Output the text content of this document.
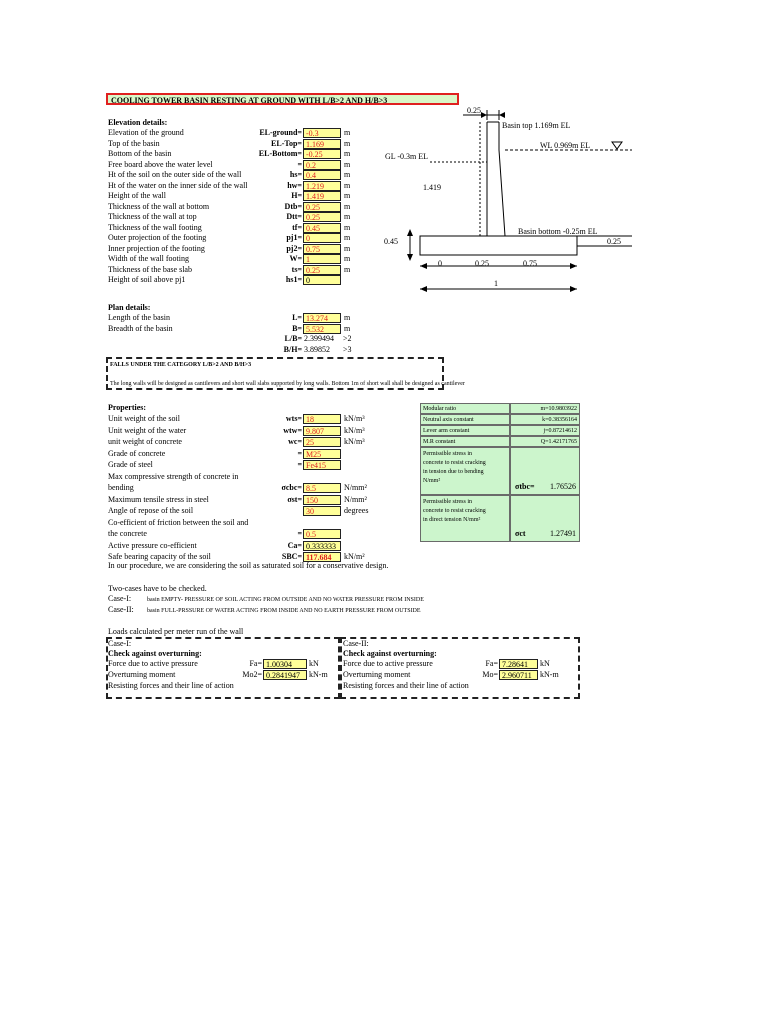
COOLING TOWER BASIN RESTING AT GROUND WITH L/B>2 AND H/B>3
Elevation details:
Elevation of the ground	EL-ground= -0.3	m
Top of the basin	EL-Top= 1.169	m
Bottom of the basin	EL-Bottom= -0.25	m
Free board above the water level	= 0.2	m
Ht of the soil on the outer side of the wall	hs= 0.4	m
Ht of the water on the inner side of the wall	hw= 1.219	m
Height of the wall	H= 1.419	m
Thickness of the wall at bottom	Dtb= 0.25	m
Thickness of the wall at top	Dtt= 0.25	m
Thickness of the wall footing	tf= 0.45	m
Outer projection of the footing	pj1= 0	m
Inner projection of the footing	pj2= 0.75	m
Width of the wall footing	W= 1	m
Thickness of the base slab	ts= 0.25	m
Height of soil above pj1	hs1= 0
Plan details:
Length of the basin	L= 13.274	m
Breadth of the basin	B= 5.532	m
L/B= 2.399494 >2
B/H= 3.89852 >3
FALLS UNDER THE CATEGORY L/B>2 AND B/H>3
The long walls will be designed as cantilevers and short wall slabs supported by long walls. Bottom 1m of short wall shall be designed as cantilever
Properties:
Unit weight of the soil	wts= 18	kN/m³
Unit weight of the water	wtw= 9.807	kN/m³
unit weight of concrete	wc= 25	kN/m³
Grade of concrete	= M25
Grade of steel	= Fe415
Max compressive strength of concrete in
bending	σcbc= 8.5	N/mm²
Maximum tensile stress in steel	σst= 150	N/mm²
Angle of repose of the soil	30	degrees
Co-efficient of friction between the soil and
the concrete	= 0.5
Active pressure co-efficient	Ca= 0.333333
Safe bearing capacity of the soil	SBC= 117.684	kN/m²
In our procedure, we are considering the soil as saturated soil for a conservative design.
Modular ratio	m=10.9803922
Neutral axis constant	k=0.38356164
Lever arm constant	j=0.87214612
M.R constant	Q=1.42171765
Permissible stress in
concrete to resist cracking
in tension due to bending
N/mm²
σtbc= 1.76526
Permissible stress in
concrete to resist cracking
in direct tension N/mm²
σct	1.27491
Two-cases have to be checked.
Case-I:	basin EMPTY- PRESSURE OF SOIL ACTING FROM OUTSIDE AND NO WATER PRESSURE FROM INSIDE
Case-II: basin FULL-PRSSURE OF WATER ACTING FROM INSIDE AND NO EARTH PRESSURE FROM OUTSIDE
Loads calculated per meter run of the wall
Case-I:
Check against overturning:
Force due to active pressure	Fa= 1.00304	kN
Overturning moment	Mo2= 0.2841947	kN-m
Resisting forces and their line of action
Case-II:
Check against overturning:
Force due to active pressure	Fa= 7.28641	kN
Overturning moment	Mo= 2.960711	kN-m
Resisting forces and their line of action
0.25
Basin top 1.169m EL
WL 0.969m EL
GL -0.3m EL
1.419
Basin bottom -0.25m EL
0.25
0.45
0	0.25	0.75
1
